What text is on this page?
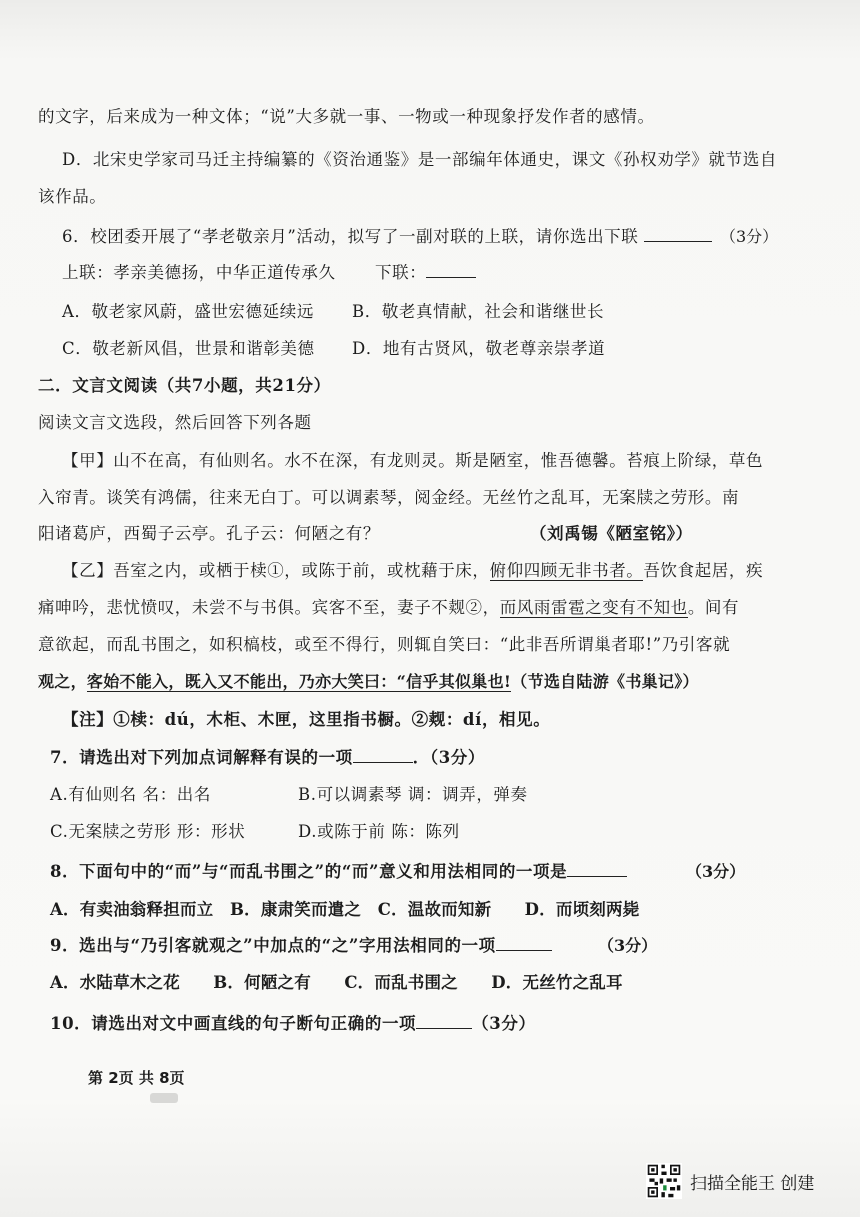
的文字，后来成为一种文体；“说”大多就一事、一物或一种现象抒发作者的感情。
D．北宋史学家司马迁主持编纂的《资治通鉴》是一部编年体通史，课文《孙权劝学》就节选自
该作品。
6．校团委开展了“孝老敬亲月”活动，拟写了一副对联的上联，请你选出下联	（3分）
上联：孝亲美德扬，中华正道传承久 下联：
A．敬老家风蔚，盛世宏德延续远 B．敬老真情献，社会和谐继世长
C．敬老新风倡，世景和谐彰美德 D．地有古贤风，敬老尊亲崇孝道
二．文言文阅读（共7小题，共21分）
阅读文言文选段，然后回答下列各题
【甲】山不在高，有仙则名。水不在深，有龙则灵。斯是陋室，惟吾德馨。苔痕上阶绿，草色
入帘青。谈笑有鸿儒，往来无白丁。可以调素琴，阅金经。无丝竹之乱耳，无案牍之劳形。南
阳诸葛庐，西蜀子云亭。孔子云：何陋之有？	（刘禹锡《陋室铭》）
【乙】吾室之内，或栖于椟①，或陈于前，或枕藉于床，俯仰四顾无非书者。吾饮食起居，疾
痛呻吟，悲忧愤叹，未尝不与书俱。宾客不至，妻子不觌②，而风雨雷雹之变有不知也。间有
意欲起，而乱书围之，如积槁枝，或至不得行，则辄自笑曰：“此非吾所谓巢者耶!”乃引客就
观之，客始不能入，既入又不能出，乃亦大笑曰：“信乎其似巢也!（节选自陆游《书巢记》）
【注】①椟：dú，木柜、木匣，这里指书橱。②觌：dí，相见。
7．请选出对下列加点词解释有误的一项	．（3分）
A.有仙则名 名：出名	B.可以调素琴 调：调弄，弹奏
C.无案牍之劳形 形：形状	D.或陈于前 陈：陈列
8．下面句中的“而”与“而乱书围之”的“而”意义和用法相同的一项是	（3分）
A．有卖油翁释担而立　B．康肃笑而遣之　C．温故而知新　　D．而顷刻两毙
9．选出与“乃引客就观之”中加点的“之”字用法相同的一项	（3分）
A．水陆草木之花　　B．何陋之有　　C．而乱书围之　　D．无丝竹之乱耳
10．请选出对文中画直线的句子断句正确的一项	（3分）
第 2页 共 8页
扫描全能王 创建
